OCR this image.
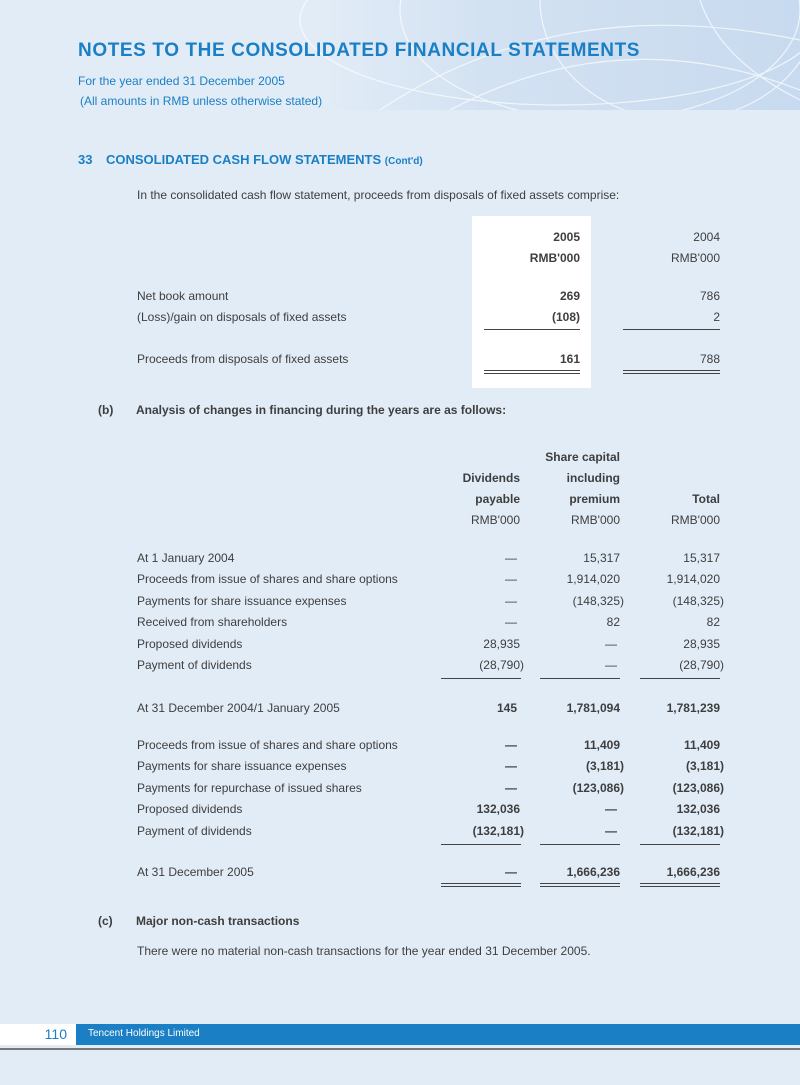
NOTES TO THE CONSOLIDATED FINANCIAL STATEMENTS
For the year ended 31 December 2005
(All amounts in RMB unless otherwise stated)
33 CONSOLIDATED CASH FLOW STATEMENTS (Cont'd)
In the consolidated cash flow statement, proceeds from disposals of fixed assets comprise:
2005	2004
RMB'000	RMB'000
Net book amount	269	786
(Loss)/gain on disposals of fixed assets	(108)	2
Proceeds from disposals of fixed assets	161	788
(b) Analysis of changes in financing during the years are as follows:
Share capital
Dividends	including
payable	premium	Total
RMB'000	RMB'000	RMB'000
At 1 January 2004	—	15,317	15,317
Proceeds from issue of shares and share options	—	1,914,020	1,914,020
Payments for share issuance expenses	—	(148,325)	(148,325)
Received from shareholders	—	82	82
Proposed dividends	28,935	—	28,935
Payment of dividends	(28,790)	—	(28,790)
At 31 December 2004/1 January 2005	145	1,781,094	1,781,239
Proceeds from issue of shares and share options	—	11,409	11,409
Payments for share issuance expenses	—	(3,181)	(3,181)
Payments for repurchase of issued shares	—	(123,086)	(123,086)
Proposed dividends	132,036	—	132,036
Payment of dividends	(132,181)	—	(132,181)
At 31 December 2005	—	1,666,236	1,666,236
(c) Major non-cash transactions
There were no material non-cash transactions for the year ended 31 December 2005.
110 Tencent Holdings Limited
